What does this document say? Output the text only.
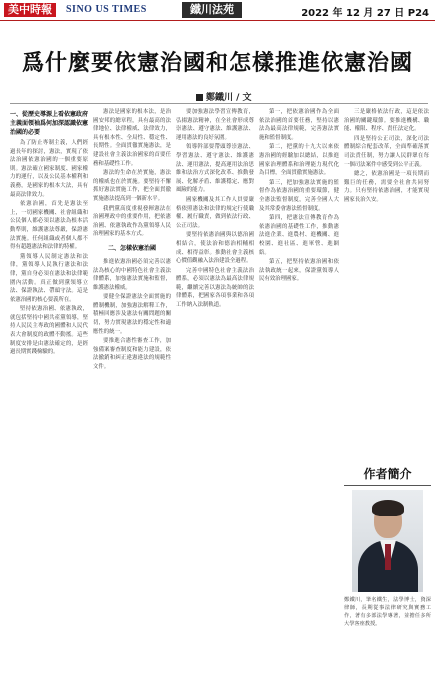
美中時報	SINO US TIMES	鐵川法苑	2022 年 12 月 27 日 P24
爲什麼要依憲治國和怎樣推進依憲治國
鄭鐵川 / 文
一、從歷史導源上看依憲政府主義面領袖爲何加深認識依憲治國的必要

為了防止專制主義，人們經過長年的探討，憲法，實現了依法治國依憲治國的一個重要原則。憲法確立國家制度、國家權力的運行，以及公民基本權利和義務，是國家的根本大法，具有最高法律效力。

依憲治國，首先是憲法至上，一切國家機關、社會組織和公民個人都必須以憲法為根本活動準則，維護憲法尊嚴，保證憲法實施。任何組織或者個人都不得有超越憲法和法律的特權。

黨領導人民制定憲法和法律，黨領導人民執行憲法和法律，黨自身必須在憲法和法律範圍內活動。真正做到黨領導立法、保證執法、帶頭守法。這是依憲治國的核心要義所在。

堅持依憲治國、依憲執政，就包括堅持中國共產黨領導，堅持人民民主專政的國體和人民代表大會制度的政體不動搖。這些制度安排是由憲法確定的，是經過長期實踐檢驗的。

憲法是國家的根本法，是治國安邦的總章程，具有最高的法律地位、法律權威、法律效力，具有根本性、全局性、穩定性、長期性。全面貫徹實施憲法，是建設社會主義法治國家的首要任務和基礎性工作。

憲法的生命在於實施，憲法的權威也在於實施。要堅持不懈抓好憲法實施工作，把全面貫徹實施憲法提高到一個新水平。

我們黨高度重視發揮憲法在治國理政中的重要作用，把依憲治國、依憲執政作為黨領導人民治理國家的基本方式。

二、怎樣依憲治國

推進依憲治國必須完善以憲法為核心的中國特色社會主義法律體系，加強憲法實施和監督，維護憲法權威。

要健全保證憲法全面實施的體制機制，加強憲法解釋工作，積極回應涉及憲法有關問題的關切，努力實現憲法的穩定性和適應性的統一。

要推進合憲性審查工作，加強備案審查制度和能力建設，依法撤銷和糾正違憲違法的規範性文件。

要加強憲法學習宣傳教育，弘揚憲法精神，在全社會形成尊崇憲法、遵守憲法、維護憲法、運用憲法的良好氛圍。

領導幹部要帶頭尊崇憲法、學習憲法、遵守憲法、維護憲法、運用憲法，提高運用法治思維和法治方式深化改革、推動發展、化解矛盾、維護穩定、應對風險的能力。

國家機關及其工作人員要嚴格依照憲法和法律的規定行使職權、履行職責，做到依法行政、公正司法。

要堅持依憲治國與以德治國相結合，使法治和德治相輔相成、相得益彰。推動社會主義核心價值觀融入法治建設全過程。

完善中國特色社會主義法治體系，必須以憲法為最高法律規範，繼續完善以憲法為統帥的法律體系，把國家各項事業和各項工作納入法制軌道。

第一，把依憲治國作為全面依法治國的首要任務，堅持以憲法為最高法律規範，完善憲法實施和監督制度。

第二，把黨的十九大以來依憲治國的經驗加以總結，以推進國家治理體系和治理能力現代化為目標，全面貫徹實施憲法。

第三，把加強憲法實施的監督作為依憲治國的重要環節，健全憲法監督制度，完善全國人大及其常委會憲法監督制度。

第四，把憲法宣傳教育作為依憲治國的基礎性工作，推動憲法進企業、進農村、進機關、進校園、進社區、進軍營、進網絡。

第五，把堅持依憲治國和依法執政統一起來，保證黨領導人民有效治理國家。

三是嚴格依法行政，這是依法治國的關鍵環節。要推進機構、職能、權限、程序、責任法定化。

四是堅持公正司法，深化司法體制綜合配套改革，全面準確落實司法責任制，努力讓人民群眾在每一個司法案件中感受到公平正義。

總之，依憲治國是一項長期而艱巨的任務，需要全社會共同努力。只有堅持依憲治國，才能實現國家長治久安。

作者簡介
鄭鐵川，筆名鐵生，法學博士，資深律師，長期從事法律研究與實務工作，著有多部法學專著，並擔任多所大學客座教授。
